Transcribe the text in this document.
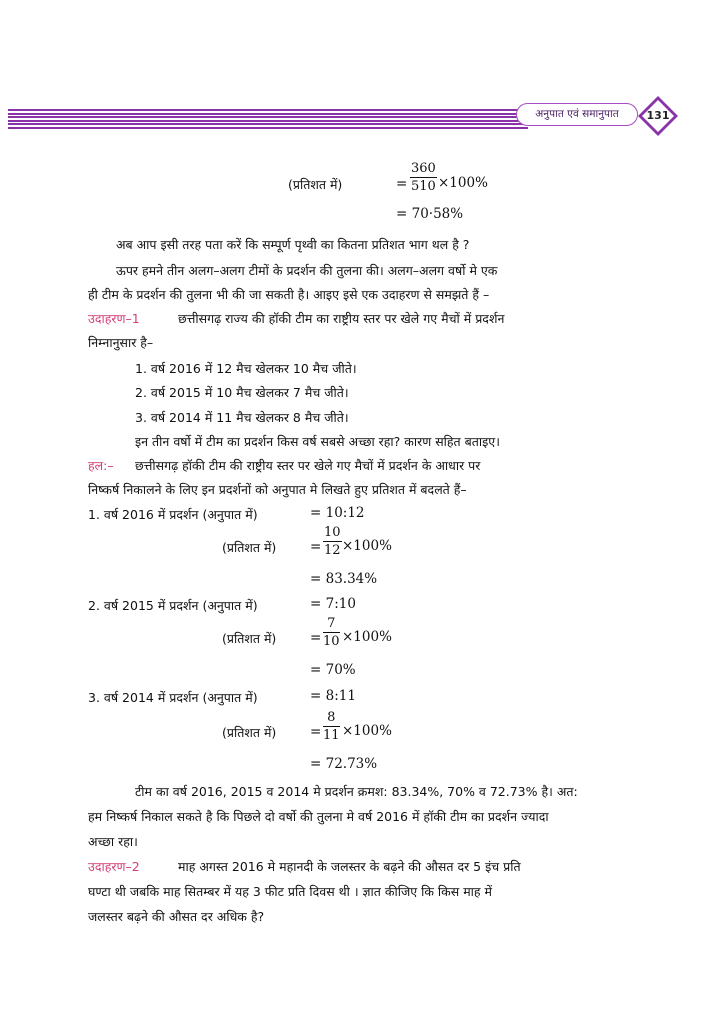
अनुपात एवं समानुपात	131
(प्रतिशत में)	= $\frac{360}{510} \times 100\%$
= 70·58%
अब आप इसी तरह पता करें कि सम्पूर्ण पृथ्वी का कितना प्रतिशत भाग थल है ?
ऊपर हमने तीन अलग–अलग टीमों के प्रदर्शन की तुलना की। अलग–अलग वर्षो मे एक
ही टीम के प्रदर्शन की तुलना भी की जा सकती है। आइए इसे एक उदाहरण से समझते हैं –
उदाहरण–1	छत्तीसगढ़ राज्य की हॉकी टीम का राष्ट्रीय स्तर पर खेले गए मैचों में प्रदर्शन
निम्नानुसार है–
1. वर्ष 2016 में 12 मैच खेलकर 10 मैच जीते।
2. वर्ष 2015 में 10 मैच खेलकर 7 मैच जीते।
3. वर्ष 2014 में 11 मैच खेलकर 8 मैच जीते।
इन तीन वर्षो में टीम का प्रदर्शन किस वर्ष सबसे अच्छा रहा? कारण सहित बताइए।
हल:– छत्तीसगढ़ हॉकी टीम की राष्ट्रीय स्तर पर खेले गए मैचों में प्रदर्शन के आधार पर
निष्कर्ष निकालने के लिए इन प्रदर्शनों को अनुपात मे लिखते हुए प्रतिशत में बदलते हैं–
1. वर्ष 2016 में प्रदर्शन (अनुपात में)	= 10:12
(प्रतिशत में) = $\frac{10}{12} \times 100\%$
= 83.34%
2. वर्ष 2015 में प्रदर्शन (अनुपात में)	= 7:10
(प्रतिशत में) = $\frac{7}{10} \times 100\%$
= 70%
3. वर्ष 2014 में प्रदर्शन (अनुपात में)	= 8:11
(प्रतिशत में) = $\frac{8}{11} \times 100\%$
= 72.73%
टीम का वर्ष 2016, 2015 व 2014 मे प्रदर्शन क्रमश: 83.34%, 70% व 72.73% है। अत:
हम निष्कर्ष निकाल सकते है कि पिछले दो वर्षो की तुलना मे वर्ष 2016 में हॉकी टीम का प्रदर्शन ज्यादा
अच्छा रहा।
उदाहरण–2	माह अगस्त 2016 मे महानदी के जलस्तर के बढ़ने की औसत दर 5 इंच प्रति
घण्टा थी जबकि माह सितम्बर में यह 3 फीट प्रति दिवस थी । ज्ञात कीजिए कि किस माह में
जलस्तर बढ़ने की औसत दर अधिक है?
